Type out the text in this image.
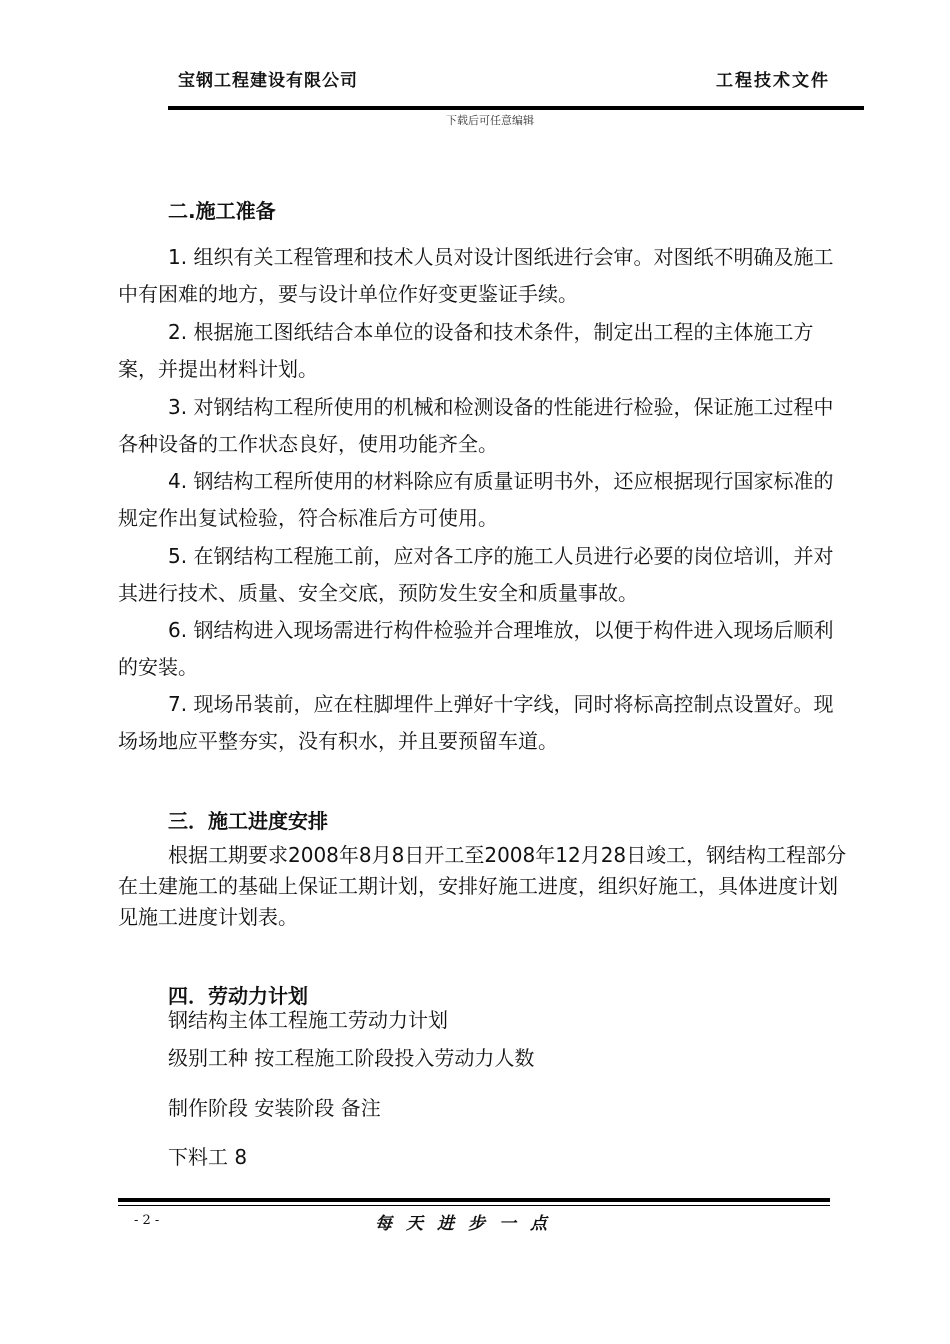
宝钢工程建设有限公司	工程技术文件
下载后可任意编辑
二.施工准备

1. 组织有关工程管理和技术人员对设计图纸进行会审。对图纸不明确及施工中有困难的地方，要与设计单位作好变更鉴证手续。

2. 根据施工图纸结合本单位的设备和技术条件，制定出工程的主体施工方案，并提出材料计划。

3. 对钢结构工程所使用的机械和检测设备的性能进行检验，保证施工过程中各种设备的工作状态良好，使用功能齐全。

4. 钢结构工程所使用的材料除应有质量证明书外，还应根据现行国家标准的规定作出复试检验，符合标准后方可使用。

5. 在钢结构工程施工前，应对各工序的施工人员进行必要的岗位培训，并对其进行技术、质量、安全交底，预防发生安全和质量事故。

6. 钢结构进入现场需进行构件检验并合理堆放，以便于构件进入现场后顺利的安装。

7. 现场吊装前，应在柱脚埋件上弹好十字线，同时将标高控制点设置好。现场场地应平整夯实，没有积水，并且要预留车道。

三．施工进度安排

根据工期要求2008年8月8日开工至2008年12月28日竣工，钢结构工程部分在土建施工的基础上保证工期计划，安排好施工进度，组织好施工，具体进度计划见施工进度计划表。

四．劳动力计划
钢结构主体工程施工劳动力计划
级别工种 按工程施工阶段投入劳动力人数
制作阶段 安装阶段 备注
下料工 8
- 2 -	每天进步一点
